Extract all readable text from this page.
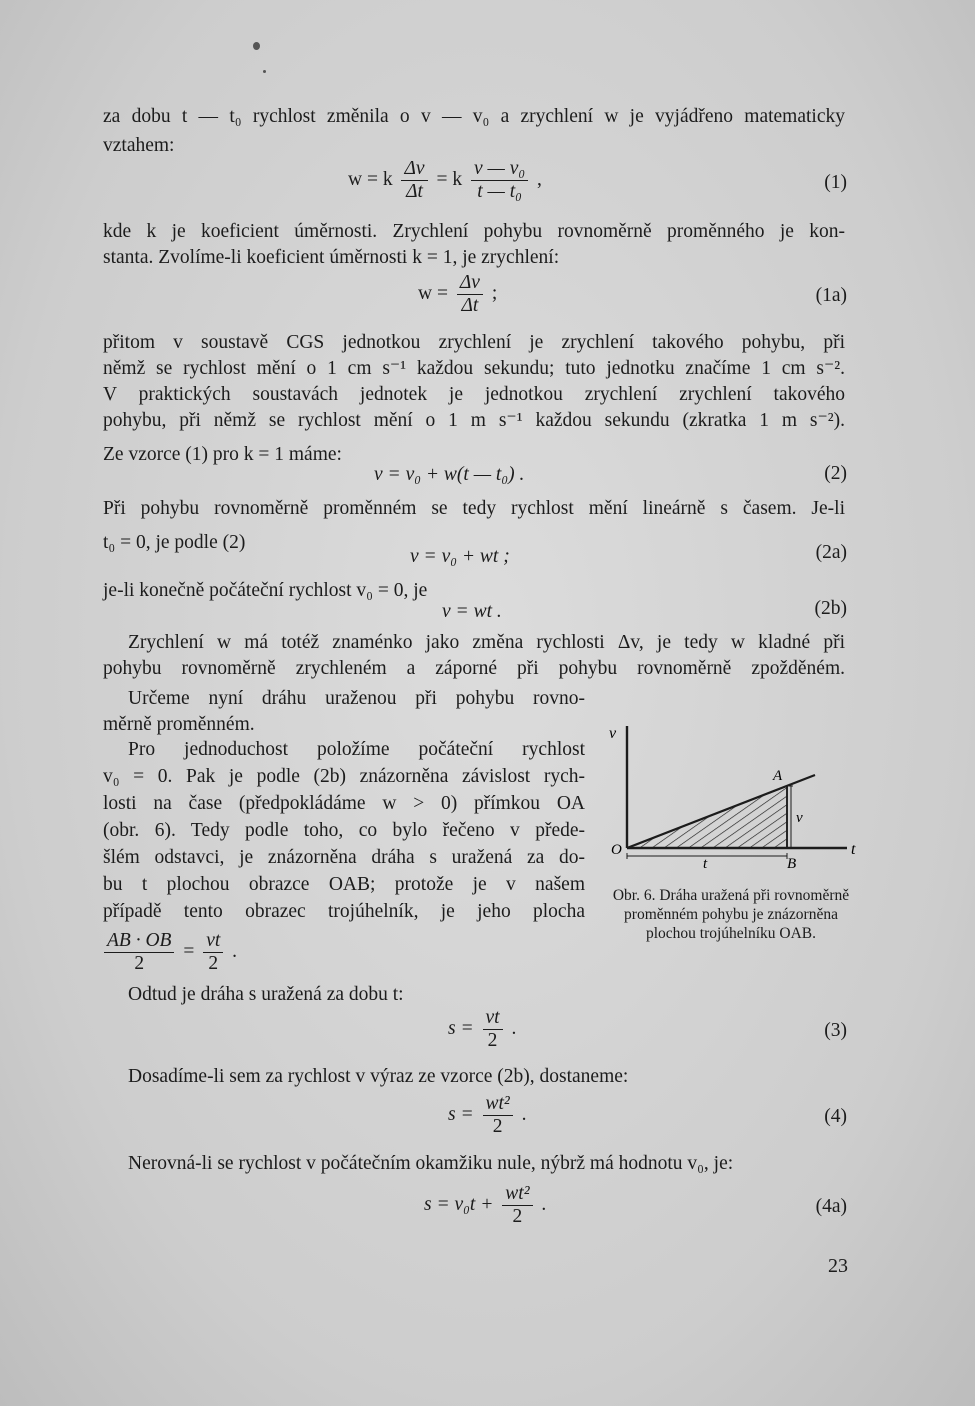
za dobu t — t₀ rychlost změnila o v — v₀ a zrychlení w je vyjádřeno matematicky
vztahem:
w = k $\frac{\Delta v}{\Delta t} = k \frac{\text{v — v₀}}{\text{t — t₀}}$ ,	(1)
kde k je koeficient úměrnosti. Zrychlení pohybu rovnoměrně proměnného je kon-
stanta. Zvolíme-li koeficient úměrnosti k = 1, je zrychlení:
$w = \frac{\Delta v}{\Delta t}$ ;	(1a)
přitom v soustavě CGS jednotkou zrychlení je zrychlení takového pohybu, při
němž se rychlost mění o 1 cm s⁻¹ každou sekundu; tuto jednotku značíme 1 cm s⁻².
V praktických soustavách jednotek je jednotkou zrychlení zrychlení takového
pohybu, při němž se rychlost mění o 1 m s⁻¹ každou sekundu (zkratka 1 m s⁻²).
Ze vzorce (1) pro k = 1 máme:
v = v₀ + w(t — t₀) .	(2)
Při pohybu rovnoměrně proměnném se tedy rychlost mění lineárně s časem. Je-li
t₀ = 0, je podle (2)
v = v₀ + wt ;	(2a)
je-li konečně počáteční rychlost v₀ = 0, je
v = wt .	(2b)
Zrychlení w má totéž znaménko jako změna rychlosti Δv, je tedy w kladné při
pohybu rovnoměrně zrychleném a záporné při pohybu rovnoměrně zpožděném.
Určeme nyní dráhu uraženou při pohybu rovno-
měrně proměnném.
Pro jednoduchost položíme počáteční rychlost
v₀ = 0. Pak je podle (2b) znázorněna závislost rych-
losti na čase (předpokládáme w > 0) přímkou OA
(obr. 6). Tedy podle toho, co bylo řečeno v přede-
šlém odstavci, je znázorněna dráha s uražená za do-
bu t plochou obrazce OAB; protože je v našem
případě tento obrazec trojúhelník, je jeho plocha
$\frac{AB \cdot OB}{2} = \frac{vt}{2}$ .
Odtud je dráha s uražená za dobu t:
$s = \frac{vt}{2}$ .	(3)
Dosadíme-li sem za rychlost v výraz ze vzorce (2b), dostaneme:
$s = \frac{\text{wt²}}{2}$ .	(4)
Nerovná-li se rychlost v počátečním okamžiku nule, nýbrž má hodnotu v₀, je:
$s = v_0t + \frac{\text{wt²}}{2}$ .	(4a)
v
t
O
A
B
v
t
Obr. 6. Dráha uražená při rovnoměrně proměnném pohybu je znázorněna plochou trojúhelníku OAB.
23
